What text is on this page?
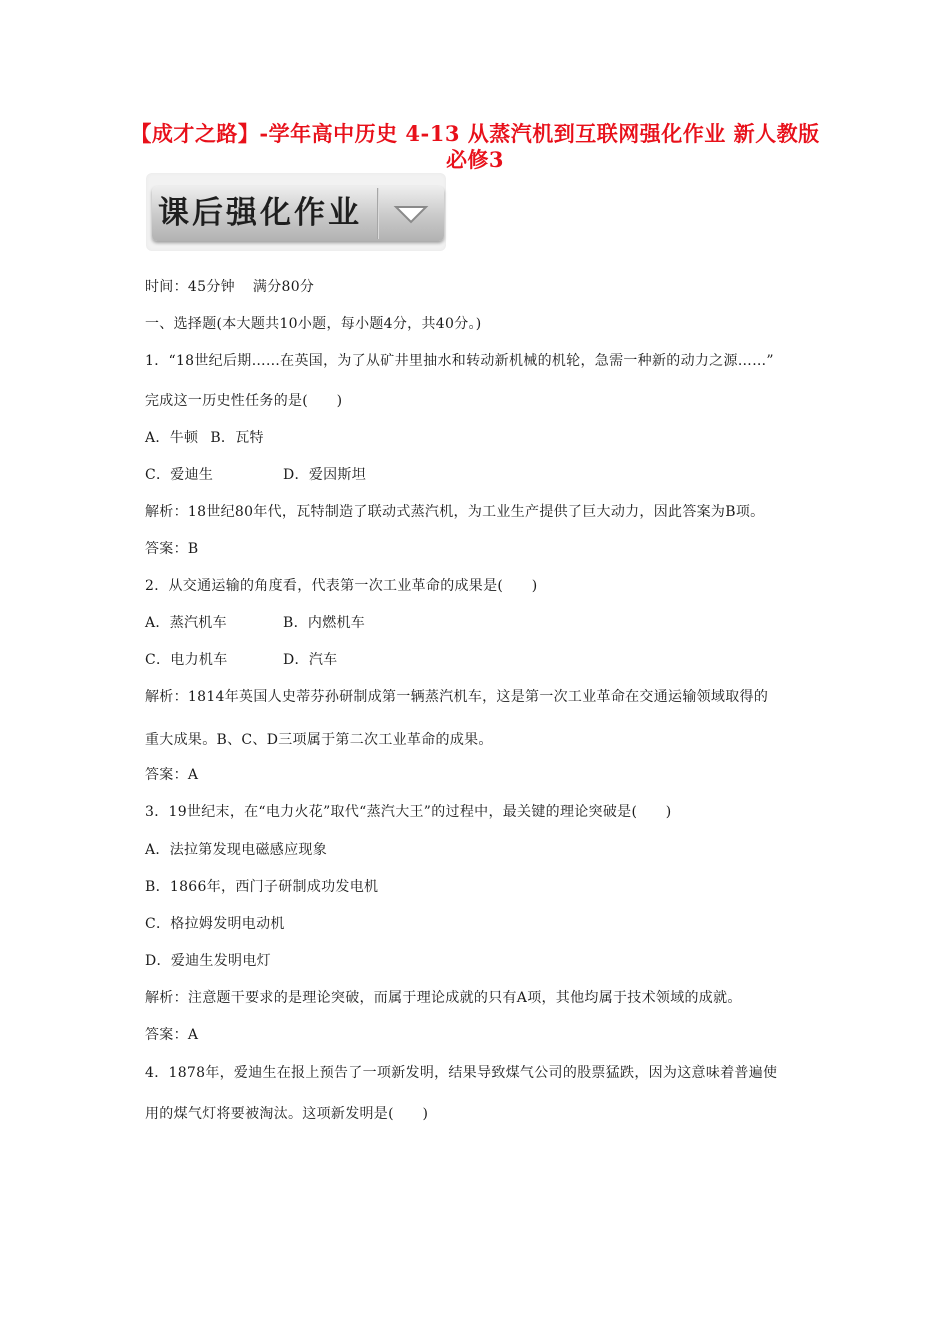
【成才之路】-学年高中历史 4-13 从蒸汽机到互联网强化作业 新人教版
必修3
课后强化作业
时间：45分钟 满分80分
一、选择题(本大题共10小题，每小题4分，共40分。)
1．“18世纪后期……在英国，为了从矿井里抽水和转动新机械的机轮，急需一种新的动力之源……”
完成这一历史性任务的是(　　)
A．牛顿 B．瓦特
C．爱迪生	D．爱因斯坦
解析：18世纪80年代，瓦特制造了联动式蒸汽机，为工业生产提供了巨大动力，因此答案为B项。
答案：B
2．从交通运输的角度看，代表第一次工业革命的成果是(　　)
A．蒸汽机车	B．内燃机车
C．电力机车	D．汽车
解析：1814年英国人史蒂芬孙研制成第一辆蒸汽机车，这是第一次工业革命在交通运输领域取得的
重大成果。B、C、D三项属于第二次工业革命的成果。
答案：A
3．19世纪末，在“电力火花”取代“蒸汽大王”的过程中，最关键的理论突破是(　　)
A．法拉第发现电磁感应现象
B．1866年，西门子研制成功发电机
C．格拉姆发明电动机
D．爱迪生发明电灯
解析：注意题干要求的是理论突破，而属于理论成就的只有A项，其他均属于技术领域的成就。
答案：A
4．1878年，爱迪生在报上预告了一项新发明，结果导致煤气公司的股票猛跌，因为这意味着普遍使
用的煤气灯将要被淘汰。这项新发明是(　　)
